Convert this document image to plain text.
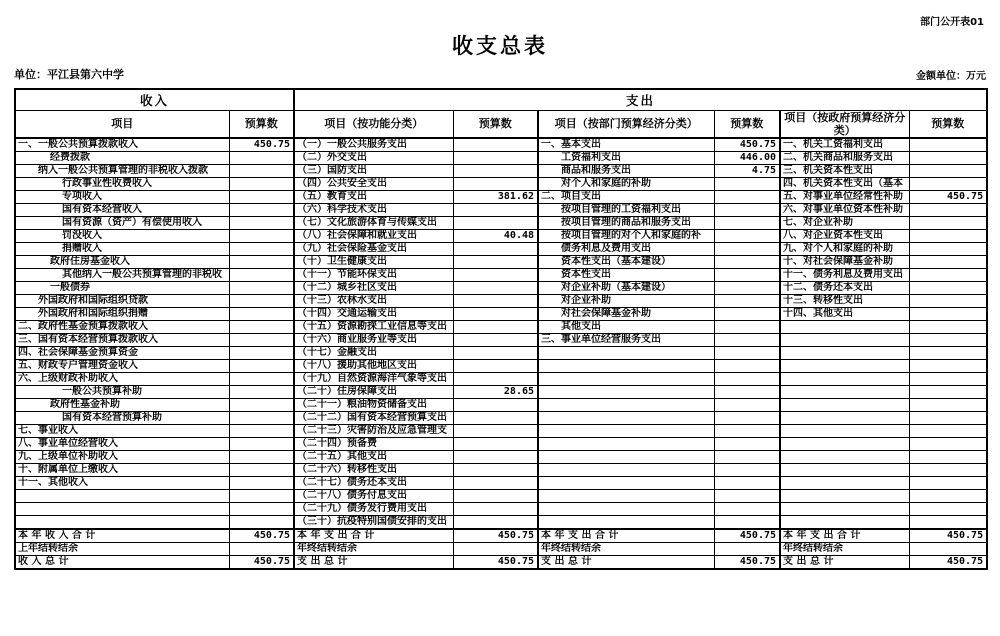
部门公开表01
收支总表
单位：平江县第六中学	金额单位：万元
收入		支出					
项目	预算数	项目（按功能分类）	预算数	项目（按部门预算经济分类）	预算数	项目（按政府预算经济分类）	预算数
一、一般公共预算拨款收入	450.75	（一）一般公共服务支出		一、基本支出	450.75	一、机关工资福利支出	
经费拨款		（二）外交支出		工资福利支出	446.00	二、机关商品和服务支出	
纳入一般公共预算管理的非税收入拨款		（三）国防支出		商品和服务支出	4.75	三、机关资本性支出	
行政事业性收费收入		（四）公共安全支出		对个人和家庭的补助		四、机关资本性支出（基本	
专项收入		（五）教育支出	381.62	二、项目支出		五、对事业单位经常性补助	450.75
国有资本经营收入		（六）科学技术支出		按项目管理的工资福利支出		六、对事业单位资本性补助	
国有资源（资产）有偿使用收入		（七）文化旅游体育与传媒支出		按项目管理的商品和服务支出		七、对企业补助	
罚没收入		（八）社会保障和就业支出	40.48	按项目管理的对个人和家庭的补		八、对企业资本性支出	
捐赠收入		（九）社会保险基金支出		债务利息及费用支出		九、对个人和家庭的补助	
政府住房基金收入		（十）卫生健康支出		资本性支出（基本建设）		十、对社会保障基金补助	
其他纳入一般公共预算管理的非税收		（十一）节能环保支出		资本性支出		十一、债务利息及费用支出	
一般债券		（十二）城乡社区支出		对企业补助（基本建设）		十二、债务还本支出	
外国政府和国际组织贷款		（十三）农林水支出		对企业补助		十三、转移性支出	
外国政府和国际组织捐赠		（十四）交通运输支出		对社会保障基金补助		十四、其他支出	
二、政府性基金预算拨款收入		（十五）资源勘探工业信息等支出		其他支出			
三、国有资本经营预算拨款收入		（十六）商业服务业等支出		三、事业单位经营服务支出			
四、社会保障基金预算资金		（十七）金融支出					
五、财政专户管理资金收入		（十八）援助其他地区支出					
六、上级财政补助收入		（十九）自然资源海洋气象等支出					
一般公共预算补助		（二十）住房保障支出	28.65				
政府性基金补助		（二十一）粮油物资储备支出					
国有资本经营预算补助		（二十二）国有资本经营预算支出					
七、事业收入		（二十三）灾害防治及应急管理支					
八、事业单位经营收入		（二十四）预备费					
九、上级单位补助收入		（二十五）其他支出					
十、附属单位上缴收入		（二十六）转移性支出					
十一、其他收入		（二十七）债务还本支出					
		（二十八）债务付息支出					
		（二十九）债务发行费用支出					
		（三十）抗疫特别国债安排的支出					
本 年 收 入 合 计	450.75	本 年 支 出 合 计	450.75	本 年 支 出 合 计	450.75	本 年 支 出 合 计	450.75
上年结转结余		年终结转结余		年终结转结余		年终结转结余	
收 入 总 计	450.75	支 出 总 计	450.75	支 出 总 计	450.75	支 出 总 计	450.75
